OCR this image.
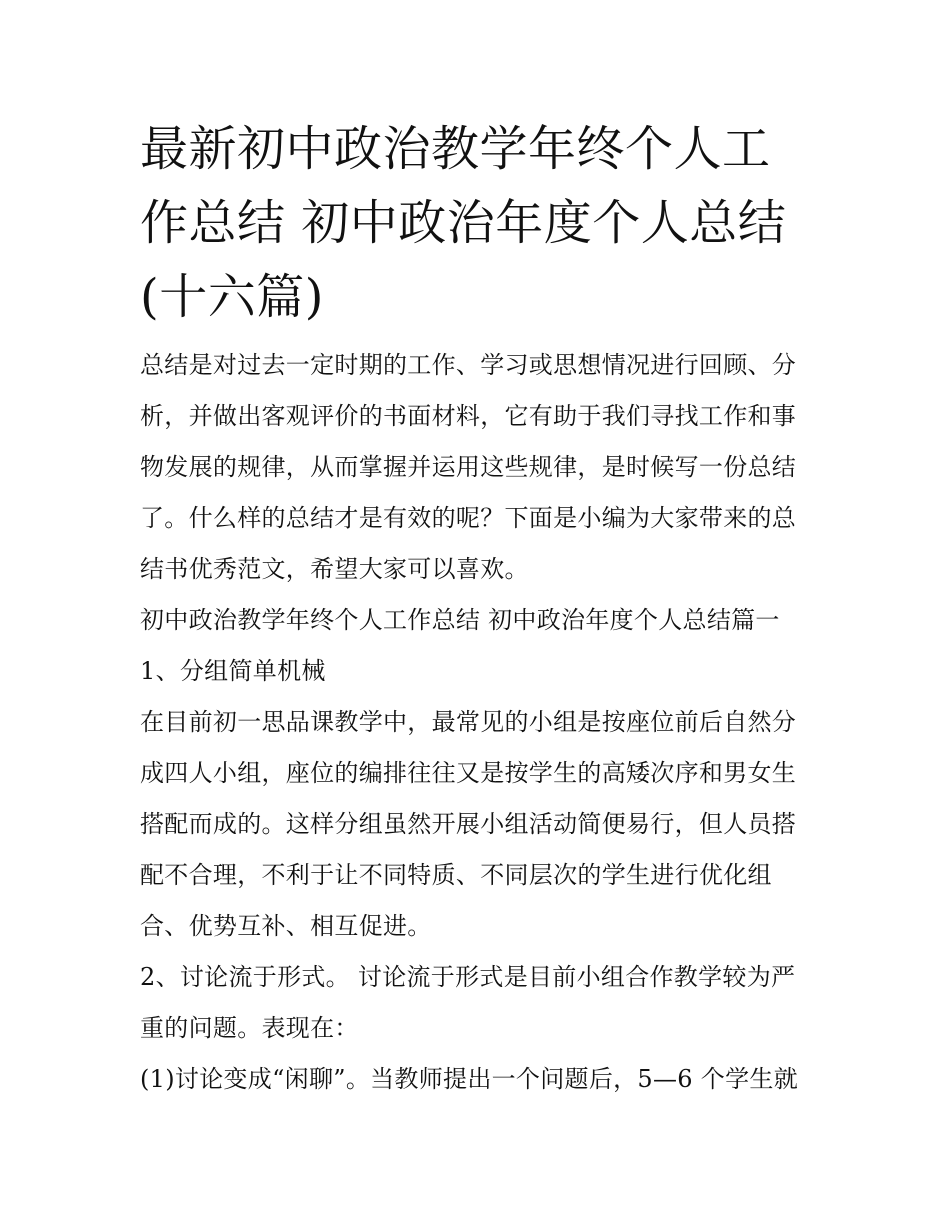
最新初中政治教学年终个人工作总结 初中政治年度个人总结(十六篇)

总结是对过去一定时期的工作、学习或思想情况进行回顾、分析，并做出客观评价的书面材料，它有助于我们寻找工作和事物发展的规律，从而掌握并运用这些规律，是时候写一份总结了。什么样的总结才是有效的呢？下面是小编为大家带来的总结书优秀范文，希望大家可以喜欢。

初中政治教学年终个人工作总结 初中政治年度个人总结篇一

1、分组简单机械

在目前初一思品课教学中，最常见的小组是按座位前后自然分成四人小组，座位的编排往往又是按学生的高矮次序和男女生搭配而成的。这样分组虽然开展小组活动简便易行，但人员搭配不合理，不利于让不同特质、不同层次的学生进行优化组合、优势互补、相互促进。

2、讨论流于形式。 讨论流于形式是目前小组合作教学较为严重的问题。表现在：

(1)讨论变成“闲聊”。当教师提出一个问题后，5—6 个学生就
